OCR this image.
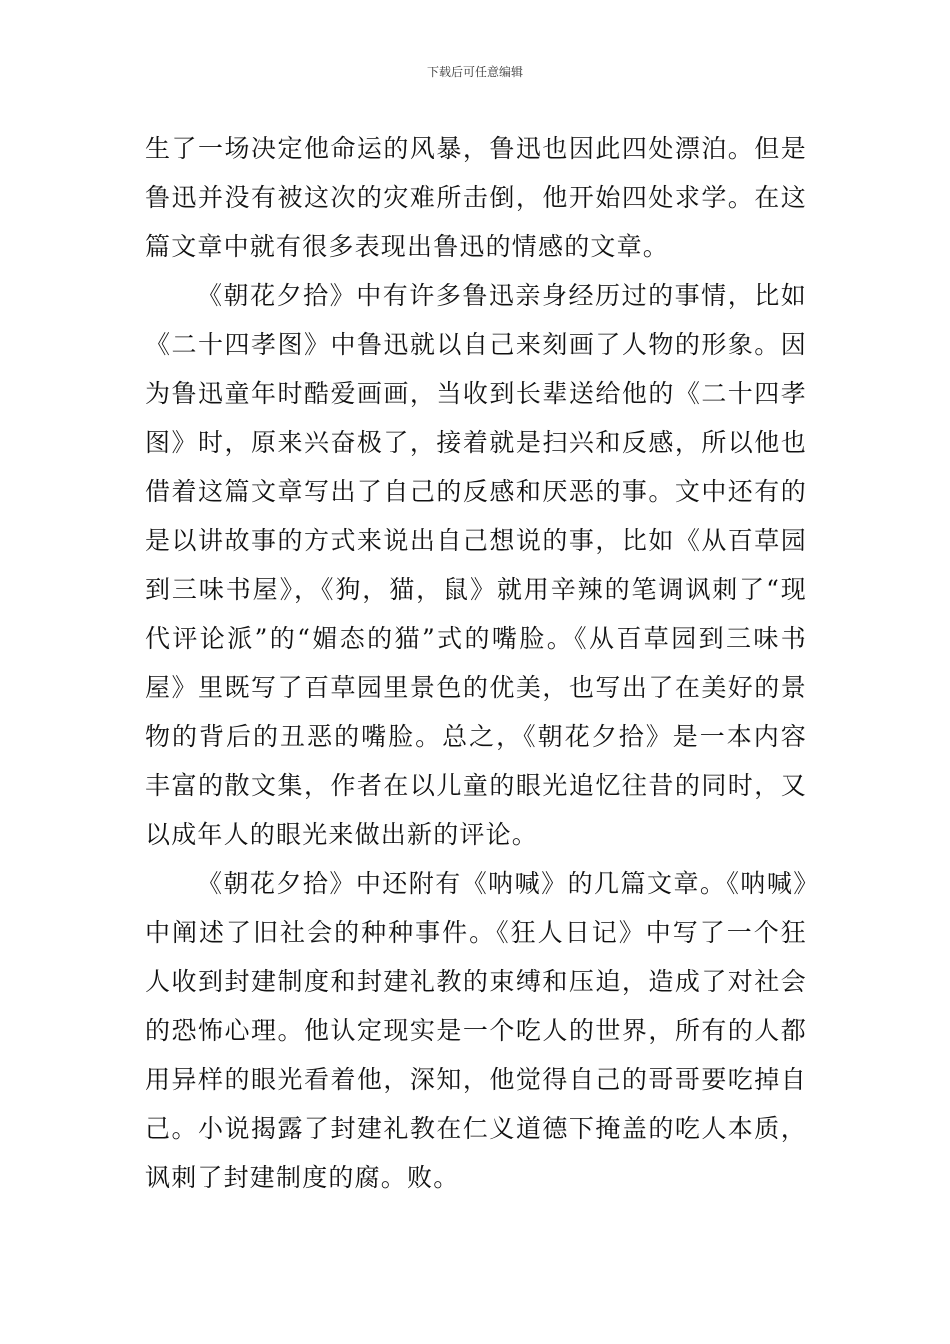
下载后可任意编辑

生了一场决定他命运的风暴，鲁迅也因此四处漂泊。但是鲁迅并没有被这次的灾难所击倒，他开始四处求学。在这篇文章中就有很多表现出鲁迅的情感的文章。

《朝花夕拾》中有许多鲁迅亲身经历过的事情，比如《二十四孝图》中鲁迅就以自己来刻画了人物的形象。因为鲁迅童年时酷爱画画，当收到长辈送给他的《二十四孝图》时，原来兴奋极了，接着就是扫兴和反感，所以他也借着这篇文章写出了自己的反感和厌恶的事。文中还有的是以讲故事的方式来说出自己想说的事，比如《从百草园到三味书屋》，《狗，猫，鼠》就用辛辣的笔调讽刺了“现代评论派”的“媚态的猫”式的嘴脸。《从百草园到三味书屋》里既写了百草园里景色的优美，也写出了在美好的景物的背后的丑恶的嘴脸。总之，《朝花夕拾》是一本内容丰富的散文集，作者在以儿童的眼光追忆往昔的同时，又以成年人的眼光来做出新的评论。

《朝花夕拾》中还附有《呐喊》的几篇文章。《呐喊》中阐述了旧社会的种种事件。《狂人日记》中写了一个狂人收到封建制度和封建礼教的束缚和压迫，造成了对社会的恐怖心理。他认定现实是一个吃人的世界，所有的人都用异样的眼光看着他，深知，他觉得自己的哥哥要吃掉自己。小说揭露了封建礼教在仁义道德下掩盖的吃人本质，讽刺了封建制度的腐。败。
